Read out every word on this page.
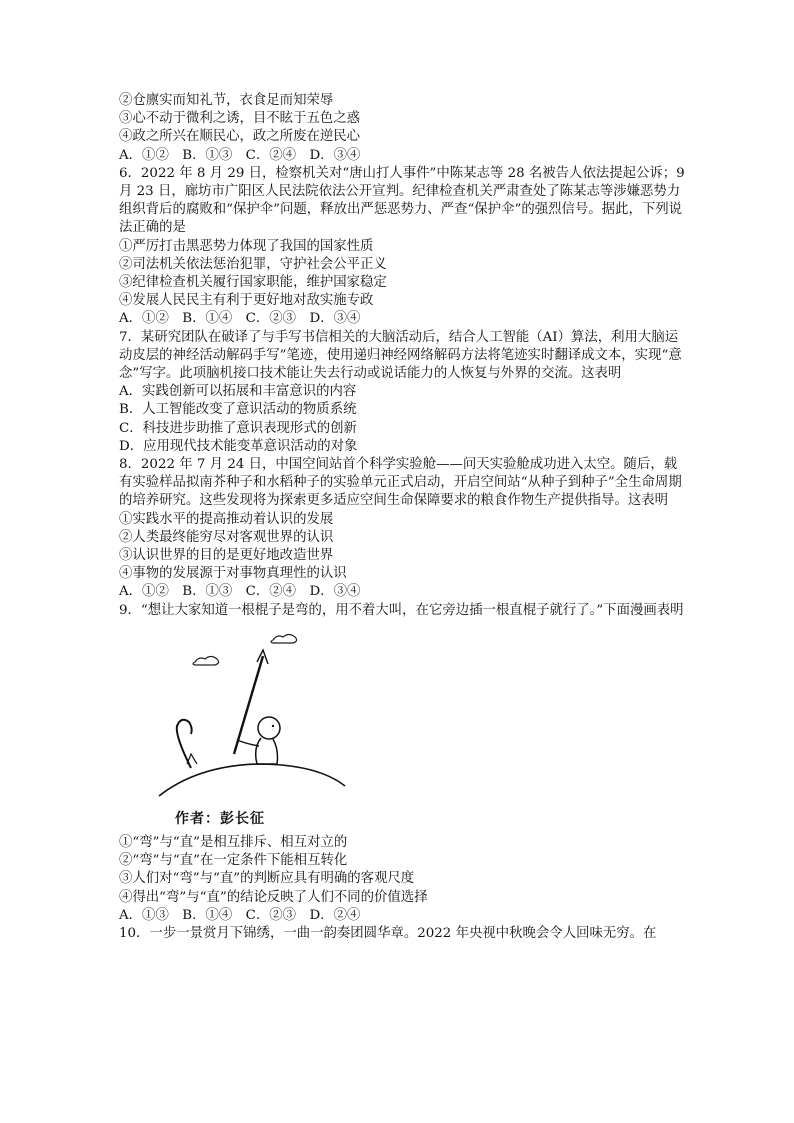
②仓廪实而知礼节，衣食足而知荣辱
③心不动于微利之诱，目不眩于五色之惑
④政之所兴在顺民心，政之所废在逆民心
A．①②　B．①③　C．②④　D．③④
6．2022 年 8 月 29 日，检察机关对“唐山打人事件”中陈某志等 28 名被告人依法提起公诉；9 月 23 日，廊坊市广阳区人民法院依法公开宣判。纪律检查机关严肃查处了陈某志等涉嫌恶势力组织背后的腐败和“保护伞”问题，释放出严惩恶势力、严查“保护伞”的强烈信号。据此，下列说法正确的是
①严厉打击黑恶势力体现了我国的国家性质
②司法机关依法惩治犯罪，守护社会公平正义
③纪律检查机关履行国家职能，维护国家稳定
④发展人民民主有利于更好地对敌实施专政
A．①②　B．①④　C．②③　D．③④
7．某研究团队在破译了与手写书信相关的大脑活动后，结合人工智能（AI）算法，利用大脑运动皮层的神经活动解码手写”笔迹，使用递归神经网络解码方法将笔迹实时翻译成文本，实现“意念”写字。此项脑机接口技术能让失去行动或说话能力的人恢复与外界的交流。这表明
A．实践创新可以拓展和丰富意识的内容
B．人工智能改变了意识活动的物质系统
C．科技进步助推了意识表现形式的创新
D．应用现代技术能变革意识活动的对象
8．2022 年 7 月 24 日，中国空间站首个科学实验舱——问天实验舱成功进入太空。随后，载有实验样品拟南芥种子和水稻种子的实验单元正式启动，开启空间站“从种子到种子”全生命周期的培养研究。这些发现将为探索更多适应空间生命保障要求的粮食作物生产提供指导。这表明
①实践水平的提高推动着认识的发展
②人类最终能穷尽对客观世界的认识
③认识世界的目的是更好地改造世界
④事物的发展源于对事物真理性的认识
A．①②　B．①③　C．②④　D．③④
9．“想让大家知道一根棍子是弯的，用不着大叫，在它旁边插一根直棍子就行了。”下面漫画表明
作者：彭长征
①“弯”与“直”是相互排斥、相互对立的
②“弯”与“直”在一定条件下能相互转化
③人们对“弯”与“直”的判断应具有明确的客观尺度
④得出“弯”与“直”的结论反映了人们不同的价值选择
A．①③　B．①④　C．②③　D．②④
10．一步一景赏月下锦绣，一曲一韵奏团圆华章。2022 年央视中秋晚会令人回味无穷。在
